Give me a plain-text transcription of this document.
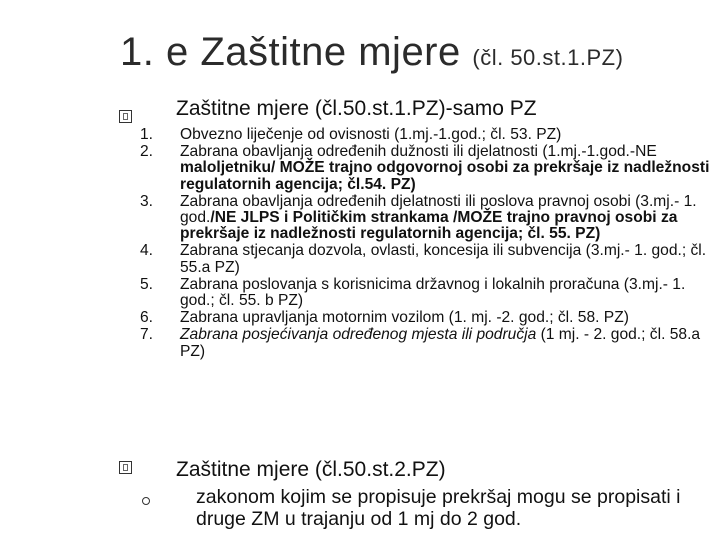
1. e Zaštitne mjere (čl. 50.st.1.PZ)
Zaštitne mjere (čl.50.st.1.PZ)-samo PZ
1.	Obvezno liječenje od ovisnosti (1.mj.-1.god.; čl. 53. PZ)
2.	Zabrana obavljanja određenih dužnosti ili djelatnosti (1.mj.-1.god.-NE maloljetniku/ MOŽE trajno odgovornoj osobi za prekršaje iz nadležnosti regulatornih agencija; čl.54. PZ)
3.	Zabrana obavljanja određenih djelatnosti ili poslova pravnoj osobi (3.mj.- 1. god./NE JLPS i Političkim strankama /MOŽE trajno pravnoj osobi za prekršaje iz nadležnosti regulatornih agencija; čl. 55. PZ)
4.	Zabrana stjecanja dozvola, ovlasti, koncesija ili subvencija (3.mj.- 1. god.; čl. 55.a PZ)
5.	Zabrana poslovanja s korisnicima državnog i lokalnih proračuna (3.mj.- 1. god.; čl. 55. b PZ)
6.	Zabrana upravljanja motornim vozilom (1. mj. -2. god.; čl. 58. PZ)
7.	Zabrana posjećivanja određenog mjesta ili područja (1 mj. - 2. god.; čl. 58.a PZ)
Zaštitne mjere (čl.50.st.2.PZ)
zakonom kojim se propisuje prekršaj mogu se propisati i druge ZM u trajanju od 1 mj do 2 god.
